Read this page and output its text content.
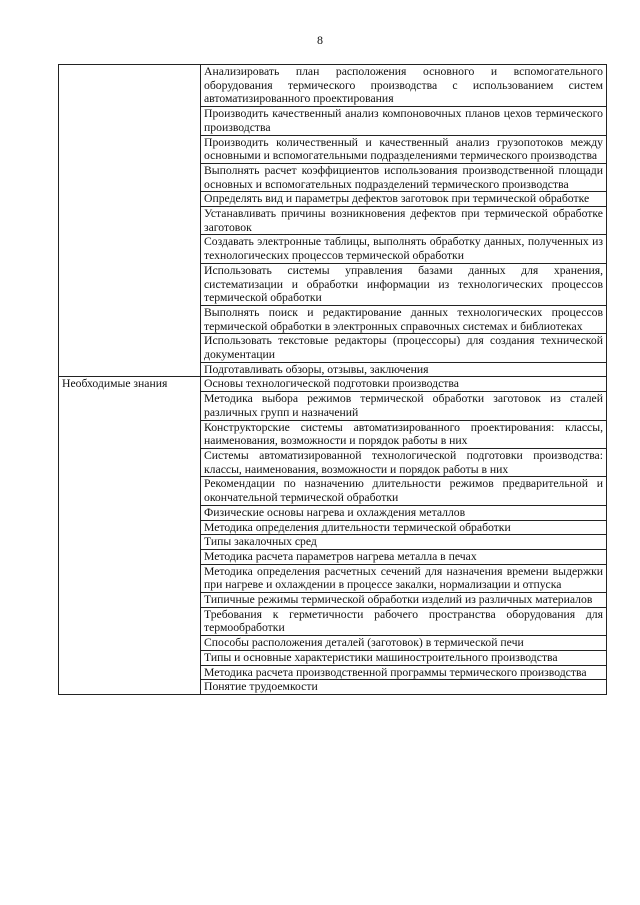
8
	Анализировать план расположения основного и вспомогательного оборудования термического производства с использованием систем автоматизированного проектирования
	Производить качественный анализ компоновочных планов цехов термического производства
	Производить количественный и качественный анализ грузопотоков между основными и вспомогательными подразделениями термического производства
	Выполнять расчет коэффициентов использования производственной площади основных и вспомогательных подразделений термического производства
	Определять вид и параметры дефектов заготовок при термической обработке
	Устанавливать причины возникновения дефектов при термической обработке заготовок
	Создавать электронные таблицы, выполнять обработку данных, полученных из технологических процессов термической обработки
	Использовать системы управления базами данных для хранения, систематизации и обработки информации из технологических процессов термической обработки
	Выполнять поиск и редактирование данных технологических процессов термической обработки в электронных справочных системах и библиотеках
	Использовать текстовые редакторы (процессоры) для создания технической документации
	Подготавливать обзоры, отзывы, заключения
Необходимые знания	Основы технологической подготовки производства
	Методика выбора режимов термической обработки заготовок из сталей различных групп и назначений
	Конструкторские системы автоматизированного проектирования: классы, наименования, возможности и порядок работы в них
	Системы автоматизированной технологической подготовки производства: классы, наименования, возможности и порядок работы в них
	Рекомендации по назначению длительности режимов предварительной и окончательной термической обработки
	Физические основы нагрева и охлаждения металлов
	Методика определения длительности термической обработки
	Типы закалочных сред
	Методика расчета параметров нагрева металла в печах
	Методика определения расчетных сечений для назначения времени выдержки при нагреве и охлаждении в процессе закалки, нормализации и отпуска
	Типичные режимы термической обработки изделий из различных материалов
	Требования к герметичности рабочего пространства оборудования для термообработки
	Способы расположения деталей (заготовок) в термической печи
	Типы и основные характеристики машиностроительного производства
	Методика расчета производственной программы термического производства
	Понятие трудоемкости
